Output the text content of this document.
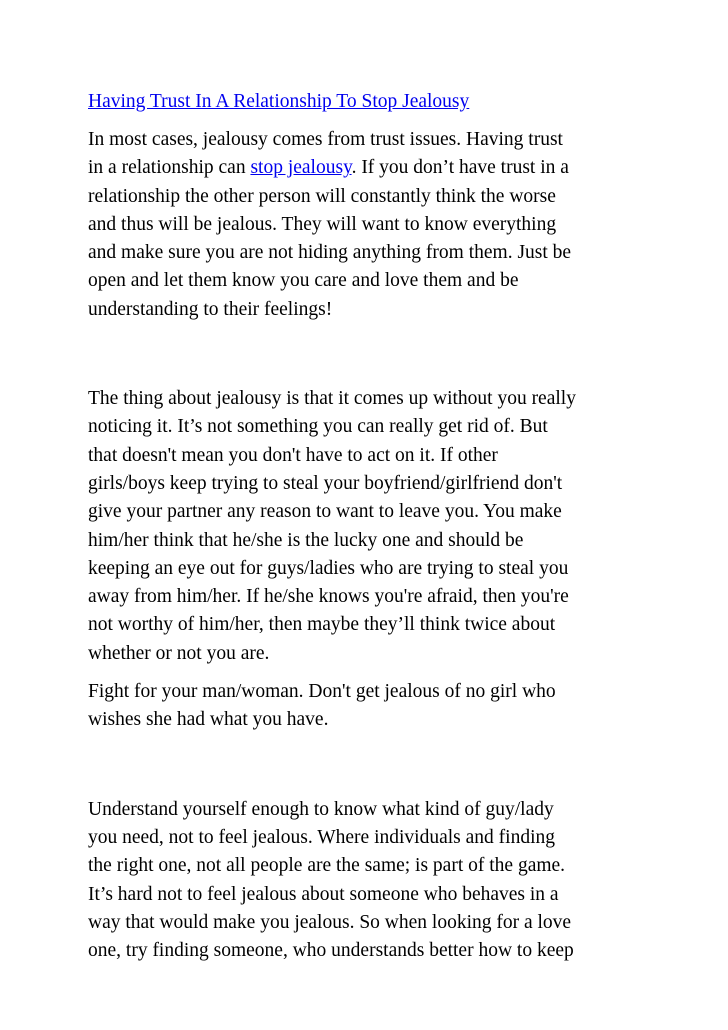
Having Trust In A Relationship To Stop Jealousy

In most cases, jealousy comes from trust issues. Having trust
in a relationship can stop jealousy. If you don’t have trust in a
relationship the other person will constantly think the worse
and thus will be jealous. They will want to know everything
and make sure you are not hiding anything from them. Just be
open and let them know you care and love them and be
understanding to their feelings!

The thing about jealousy is that it comes up without you really
noticing it. It’s not something you can really get rid of. But
that doesn't mean you don't have to act on it. If other
girls/boys keep trying to steal your boyfriend/girlfriend don't
give your partner any reason to want to leave you. You make
him/her think that he/she is the lucky one and should be
keeping an eye out for guys/ladies who are trying to steal you
away from him/her. If he/she knows you're afraid, then you're
not worthy of him/her, then maybe they’ll think twice about
whether or not you are.

Fight for your man/woman. Don't get jealous of no girl who
wishes she had what you have.

Understand yourself enough to know what kind of guy/lady
you need, not to feel jealous. Where individuals and finding
the right one, not all people are the same; is part of the game.
It’s hard not to feel jealous about someone who behaves in a
way that would make you jealous. So when looking for a love
one, try finding someone, who understands better how to keep
